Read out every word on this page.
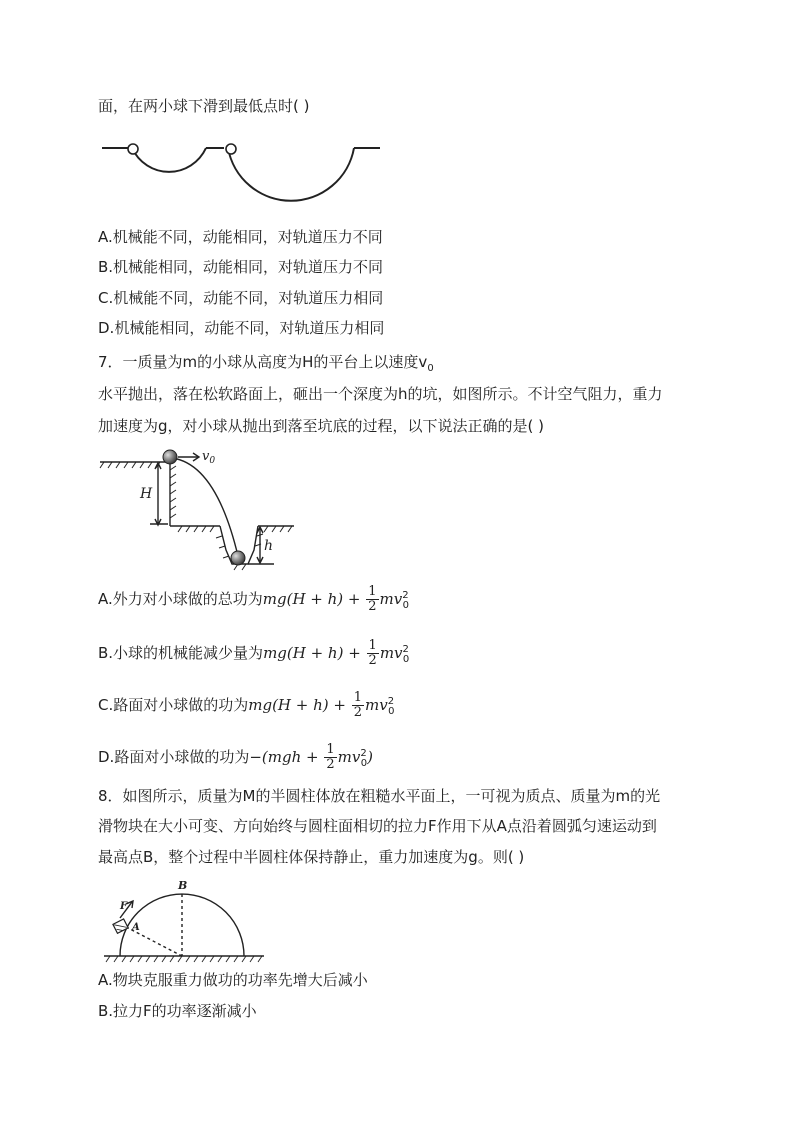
面，在两小球下滑到最低点时( )
A.机械能不同，动能相同，对轨道压力不同
B.机械能相同，动能相同，对轨道压力不同
C.机械能不同，动能不同，对轨道压力相同
D.机械能相同，动能不同，对轨道压力相同
7．一质量为m的小球从高度为H的平台上以速度$v_0$
水平抛出，落在松软路面上，砸出一个深度为h的坑，如图所示。不计空气阻力，重力
加速度为g，对小球从抛出到落至坑底的过程，以下说法正确的是( )
$v_0$
H
h
A.外力对小球做的总功为$mg(H + h) + \frac{1}{2} mv^2_0$
B.小球的机械能减少量为$mg(H + h) + \frac{1}{2} mv^2_0$
C.路面对小球做的功为$mg(H + h) + \frac{1}{2} mv^2_0$
D.路面对小球做的功为$-(mgh + \frac{1}{2} mv^2_0)$
8．如图所示，质量为M的半圆柱体放在粗糙水平面上，一可视为质点、质量为m的光
滑物块在大小可变、方向始终与圆柱面相切的拉力F作用下从A点沿着圆弧匀速运动到
最高点B，整个过程中半圆柱体保持静止，重力加速度为g。则( )
B
A
F
A.物块克服重力做功的功率先增大后减小
B.拉力F的功率逐渐减小
